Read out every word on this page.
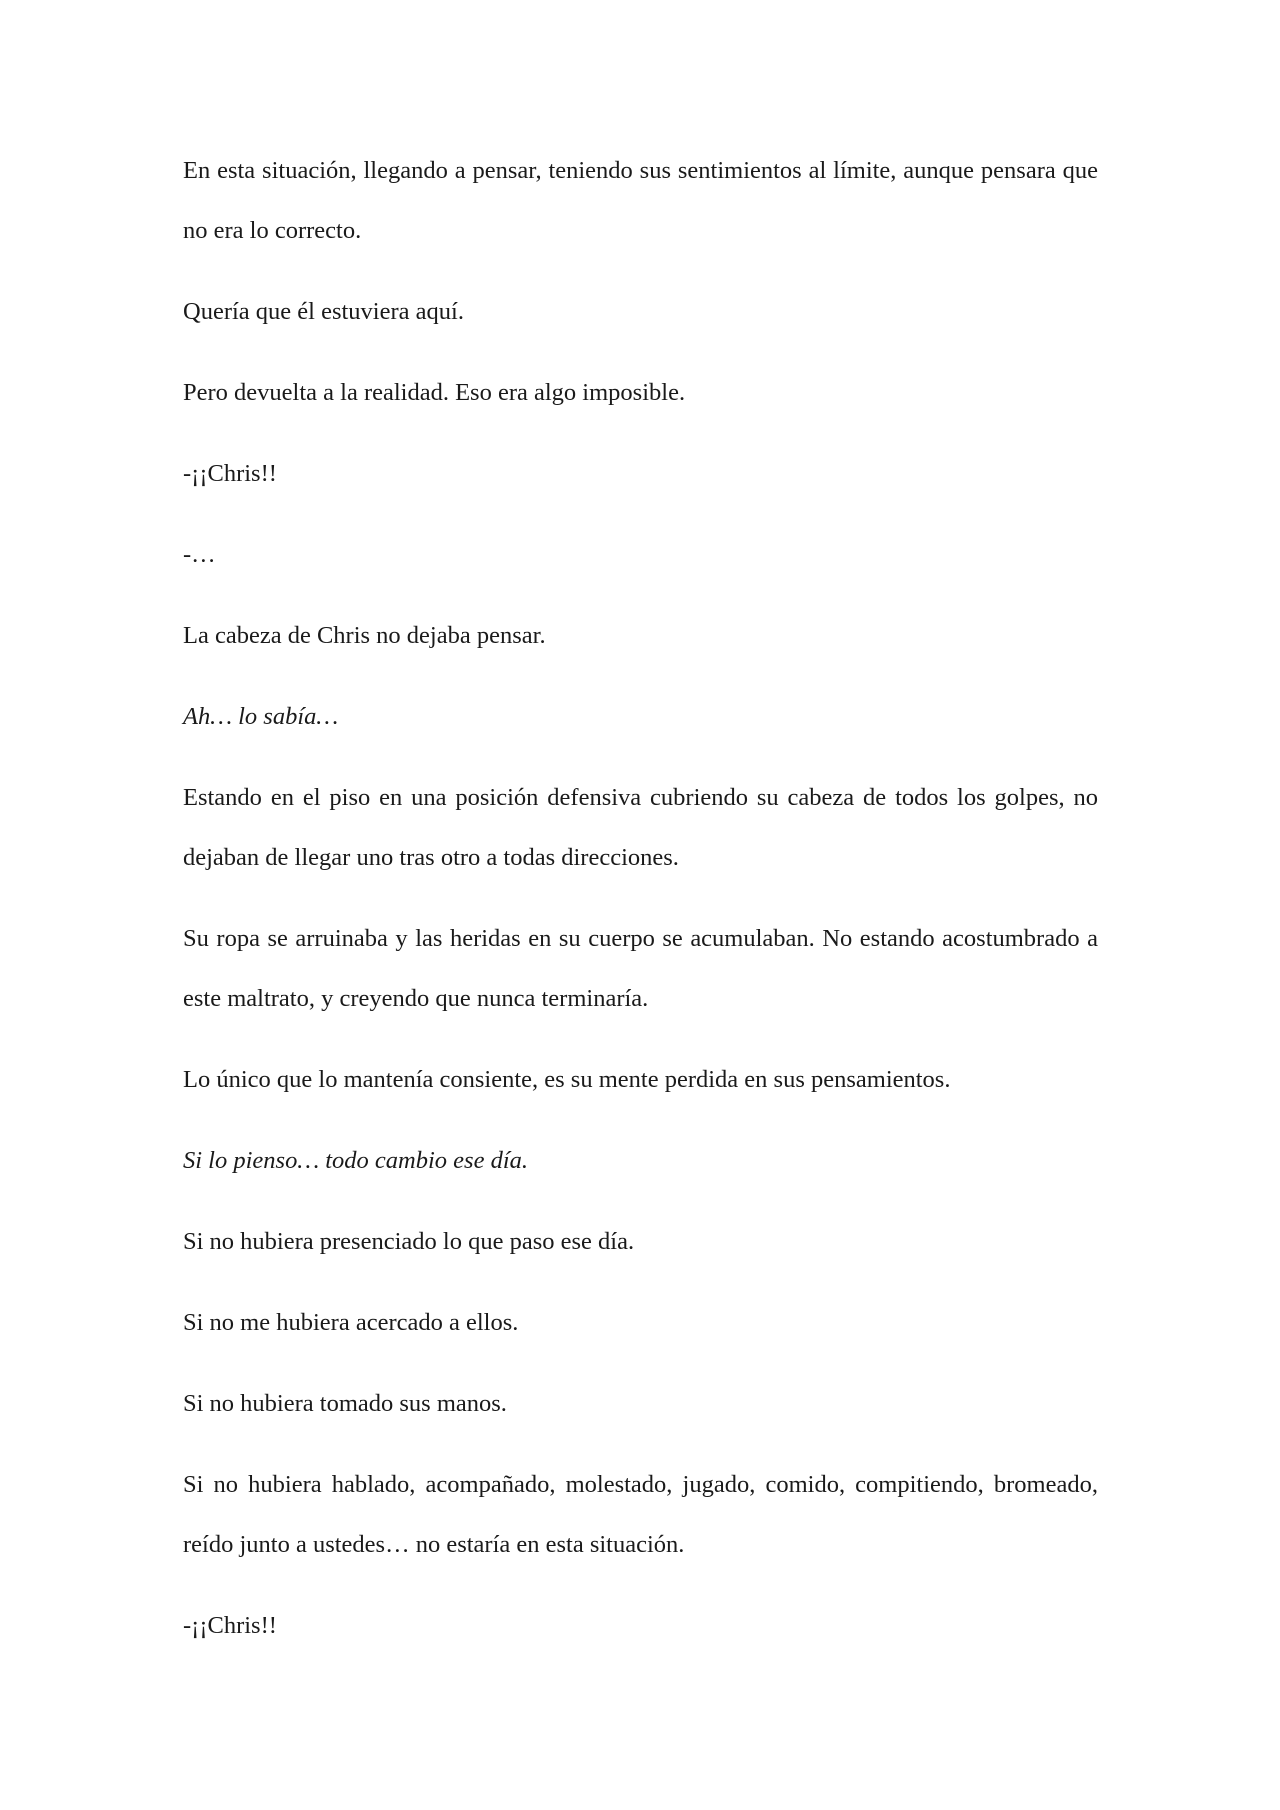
En esta situación, llegando a pensar, teniendo sus sentimientos al límite, aunque pensara que no era lo correcto.

Quería que él estuviera aquí.

Pero devuelta a la realidad. Eso era algo imposible.

-¡¡Chris!!

-…

La cabeza de Chris no dejaba pensar.

Ah… lo sabía…

Estando en el piso en una posición defensiva cubriendo su cabeza de todos los golpes, no dejaban de llegar uno tras otro a todas direcciones.

Su ropa se arruinaba y las heridas en su cuerpo se acumulaban. No estando acostumbrado a este maltrato, y creyendo que nunca terminaría.

Lo único que lo mantenía consiente, es su mente perdida en sus pensamientos.

Si lo pienso… todo cambio ese día.

Si no hubiera presenciado lo que paso ese día.

Si no me hubiera acercado a ellos.

Si no hubiera tomado sus manos.

Si no hubiera hablado, acompañado, molestado, jugado, comido, compitiendo, bromeado, reído junto a ustedes… no estaría en esta situación.

-¡¡Chris!!
